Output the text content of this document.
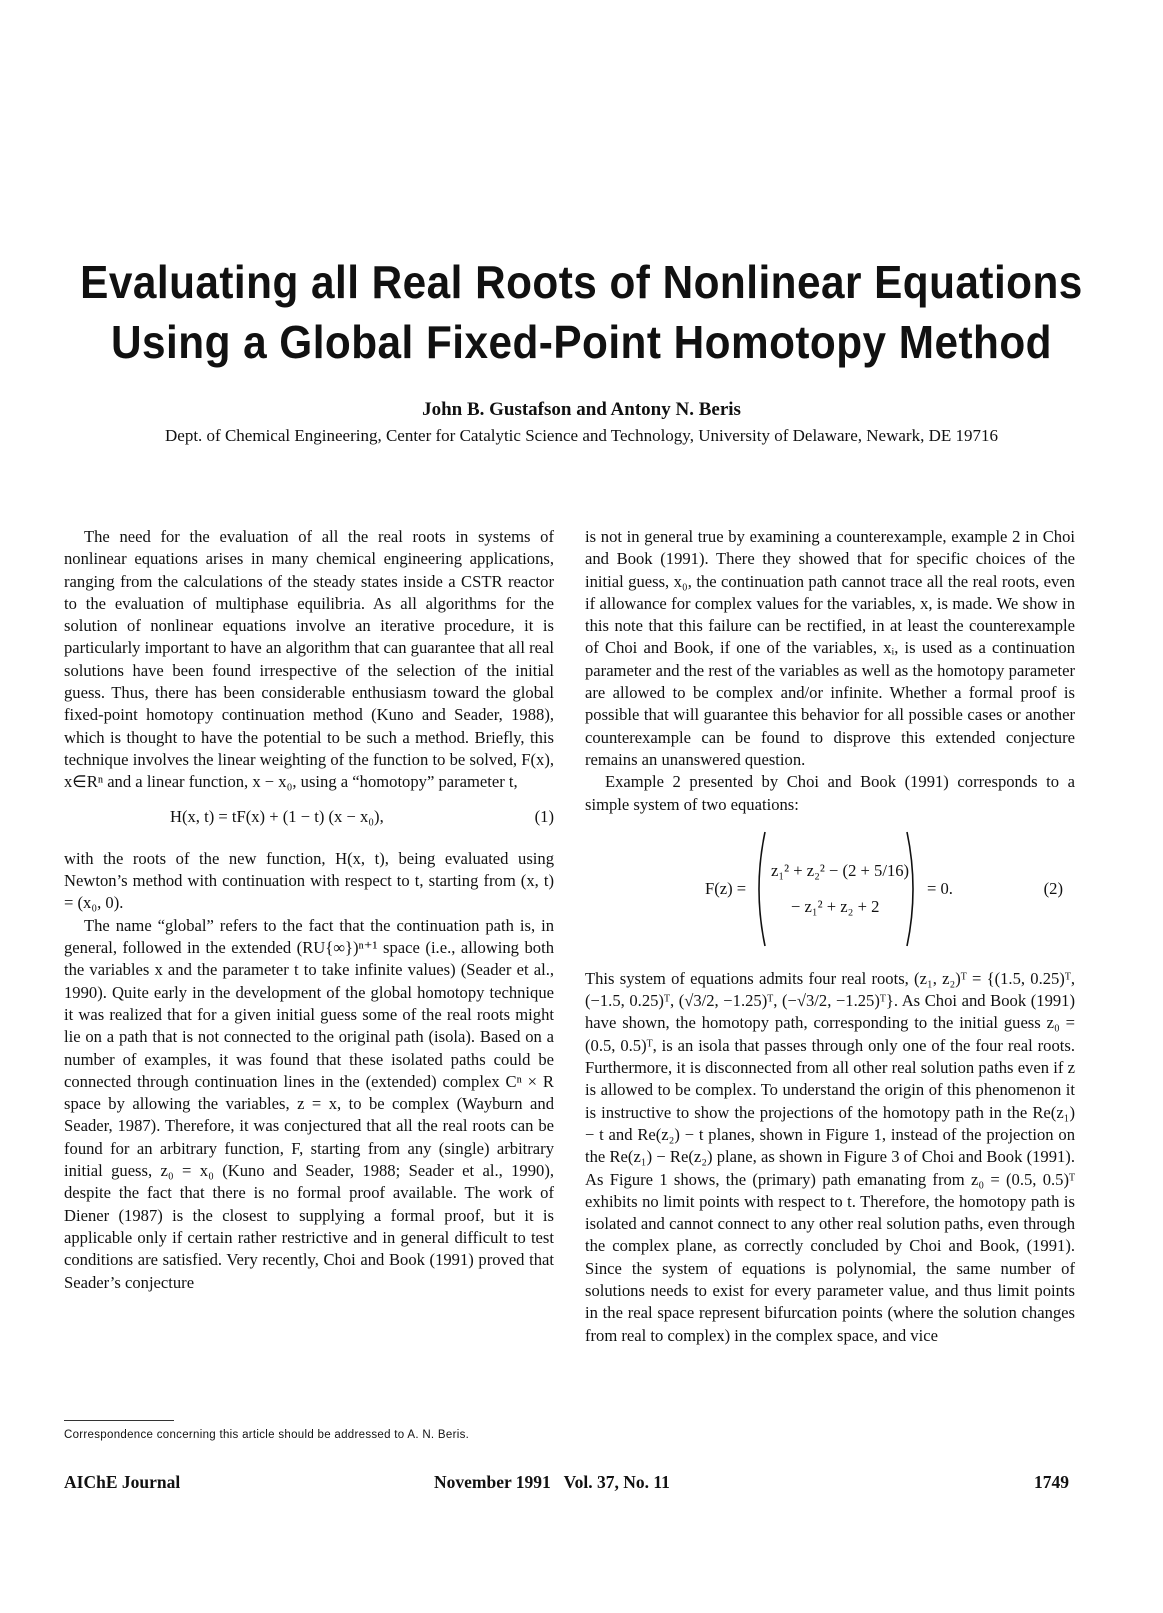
Evaluating all Real Roots of Nonlinear Equations
Using a Global Fixed-Point Homotopy Method
John B. Gustafson and Antony N. Beris
Dept. of Chemical Engineering, Center for Catalytic Science and Technology, University of Delaware, Newark, DE 19716

The need for the evaluation of all the real roots in systems of nonlinear equations arises in many chemical engineering applications, ranging from the calculations of the steady states inside a CSTR reactor to the evaluation of multiphase equilibria. As all algorithms for the solution of nonlinear equations involve an iterative procedure, it is particularly important to have an algorithm that can guarantee that all real solutions have been found irrespective of the selection of the initial guess. Thus, there has been considerable enthusiasm toward the global fixed-point homotopy continuation method (Kuno and Seader, 1988), which is thought to have the potential to be such a method. Briefly, this technique involves the linear weighting of the function to be solved, F(x), x∈Rⁿ and a linear function, x − x₀, using a “homotopy” parameter t,

H(x, t) = tF(x) + (1 − t) (x − x₀),	(1)

with the roots of the new function, H(x, t), being evaluated using Newton’s method with continuation with respect to t, starting from (x, t) = (x₀, 0).

The name “global” refers to the fact that the continuation path is, in general, followed in the extended (RU{∞})ⁿ⁺¹ space (i.e., allowing both the variables x and the parameter t to take infinite values) (Seader et al., 1990). Quite early in the development of the global homotopy technique it was realized that for a given initial guess some of the real roots might lie on a path that is not connected to the original path (isola). Based on a number of examples, it was found that these isolated paths could be connected through continuation lines in the (extended) complex Cⁿ × R space by allowing the variables, z = x, to be complex (Wayburn and Seader, 1987). Therefore, it was conjectured that all the real roots can be found for an arbitrary function, F, starting from any (single) arbitrary initial guess, z₀ = x₀ (Kuno and Seader, 1988; Seader et al., 1990), despite the fact that there is no formal proof available. The work of Diener (1987) is the closest to supplying a formal proof, but it is applicable only if certain rather restrictive and in general difficult to test conditions are satisfied. Very recently, Choi and Book (1991) proved that Seader’s conjecture

is not in general true by examining a counterexample, example 2 in Choi and Book (1991). There they showed that for specific choices of the initial guess, x₀, the continuation path cannot trace all the real roots, even if allowance for complex values for the variables, x, is made. We show in this note that this failure can be rectified, in at least the counterexample of Choi and Book, if one of the variables, xᵢ, is used as a continuation parameter and the rest of the variables as well as the homotopy parameter are allowed to be complex and/or infinite. Whether a formal proof is possible that will guarantee this behavior for all possible cases or another counterexample can be found to disprove this extended conjecture remains an unanswered question.

Example 2 presented by Choi and Book (1991) corresponds to a simple system of two equations:

F(z) =
z₁² + z₂² − (2 + 5/16)
− z₁² + z₂ + 2
= 0.	(2)

This system of equations admits four real roots, (z₁, z₂)ᵀ = {(1.5, 0.25)ᵀ, (−1.5, 0.25)ᵀ, (√3/2, −1.25)ᵀ, (−√3/2, −1.25)ᵀ}. As Choi and Book (1991) have shown, the homotopy path, corresponding to the initial guess z₀ = (0.5, 0.5)ᵀ, is an isola that passes through only one of the four real roots. Furthermore, it is disconnected from all other real solution paths even if z is allowed to be complex. To understand the origin of this phenomenon it is instructive to show the projections of the homotopy path in the Re(z₁) − t and Re(z₂) − t planes, shown in Figure 1, instead of the projection on the Re(z₁) − Re(z₂) plane, as shown in Figure 3 of Choi and Book (1991). As Figure 1 shows, the (primary) path emanating from z₀ = (0.5, 0.5)ᵀ exhibits no limit points with respect to t. Therefore, the homotopy path is isolated and cannot connect to any other real solution paths, even through the complex plane, as correctly concluded by Choi and Book, (1991). Since the system of equations is polynomial, the same number of solutions needs to exist for every parameter value, and thus limit points in the real space represent bifurcation points (where the solution changes from real to complex) in the complex space, and vice

Correspondence concerning this article should be addressed to A. N. Beris.
AIChE Journal	November 1991   Vol. 37, No. 11	1749
